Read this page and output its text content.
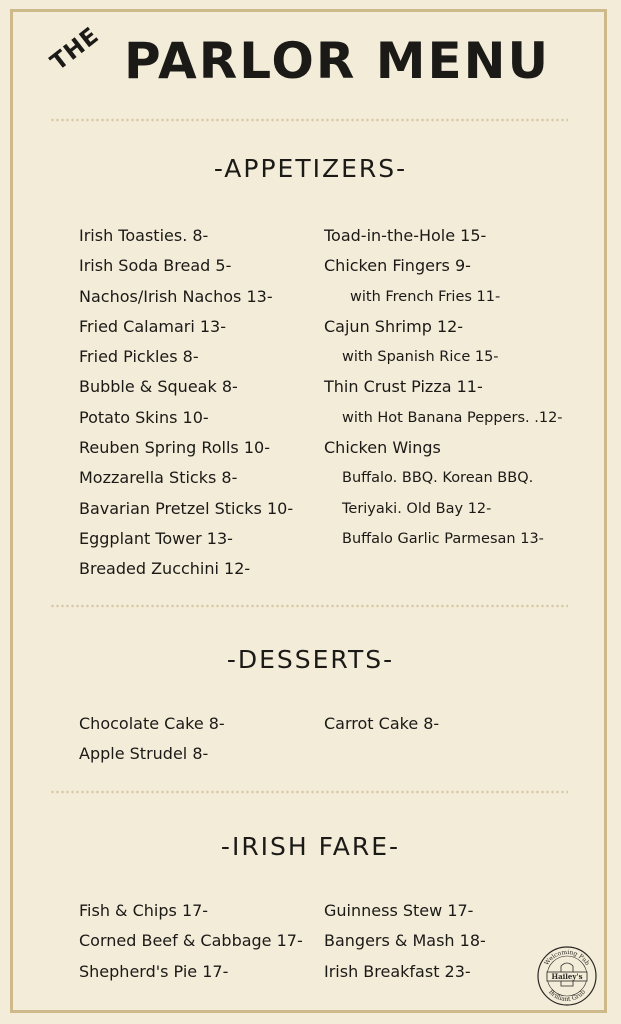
THE PARLOR MENU
-APPETIZERS-
Irish Toasties. 8-
Irish Soda Bread 5-
Nachos/Irish Nachos 13-
Fried Calamari 13-
Fried Pickles 8-
Bubble & Squeak 8-
Potato Skins 10-
Reuben Spring Rolls 10-
Mozzarella Sticks 8-
Bavarian Pretzel Sticks 10-
Eggplant Tower 13-
Breaded Zucchini 12-
Toad-in-the-Hole 15-
Chicken Fingers 9-
with French Fries 11-
Cajun Shrimp 12-
with Spanish Rice 15-
Thin Crust Pizza 11-
with Hot Banana Peppers. .12-
Chicken Wings
Buffalo. BBQ. Korean BBQ.
Teriyaki. Old Bay 12-
Buffalo Garlic Parmesan 13-
-DESSERTS-
Chocolate Cake 8-
Apple Strudel 8-
Carrot Cake 8-
-IRISH FARE-
Fish & Chips 17-
Corned Beef & Cabbage 17-
Shepherd's Pie 17-
Guinness Stew 17-
Bangers & Mash 18-
Irish Breakfast 23-	Welcoming Pub
Brilliant Grub
Hailey's
